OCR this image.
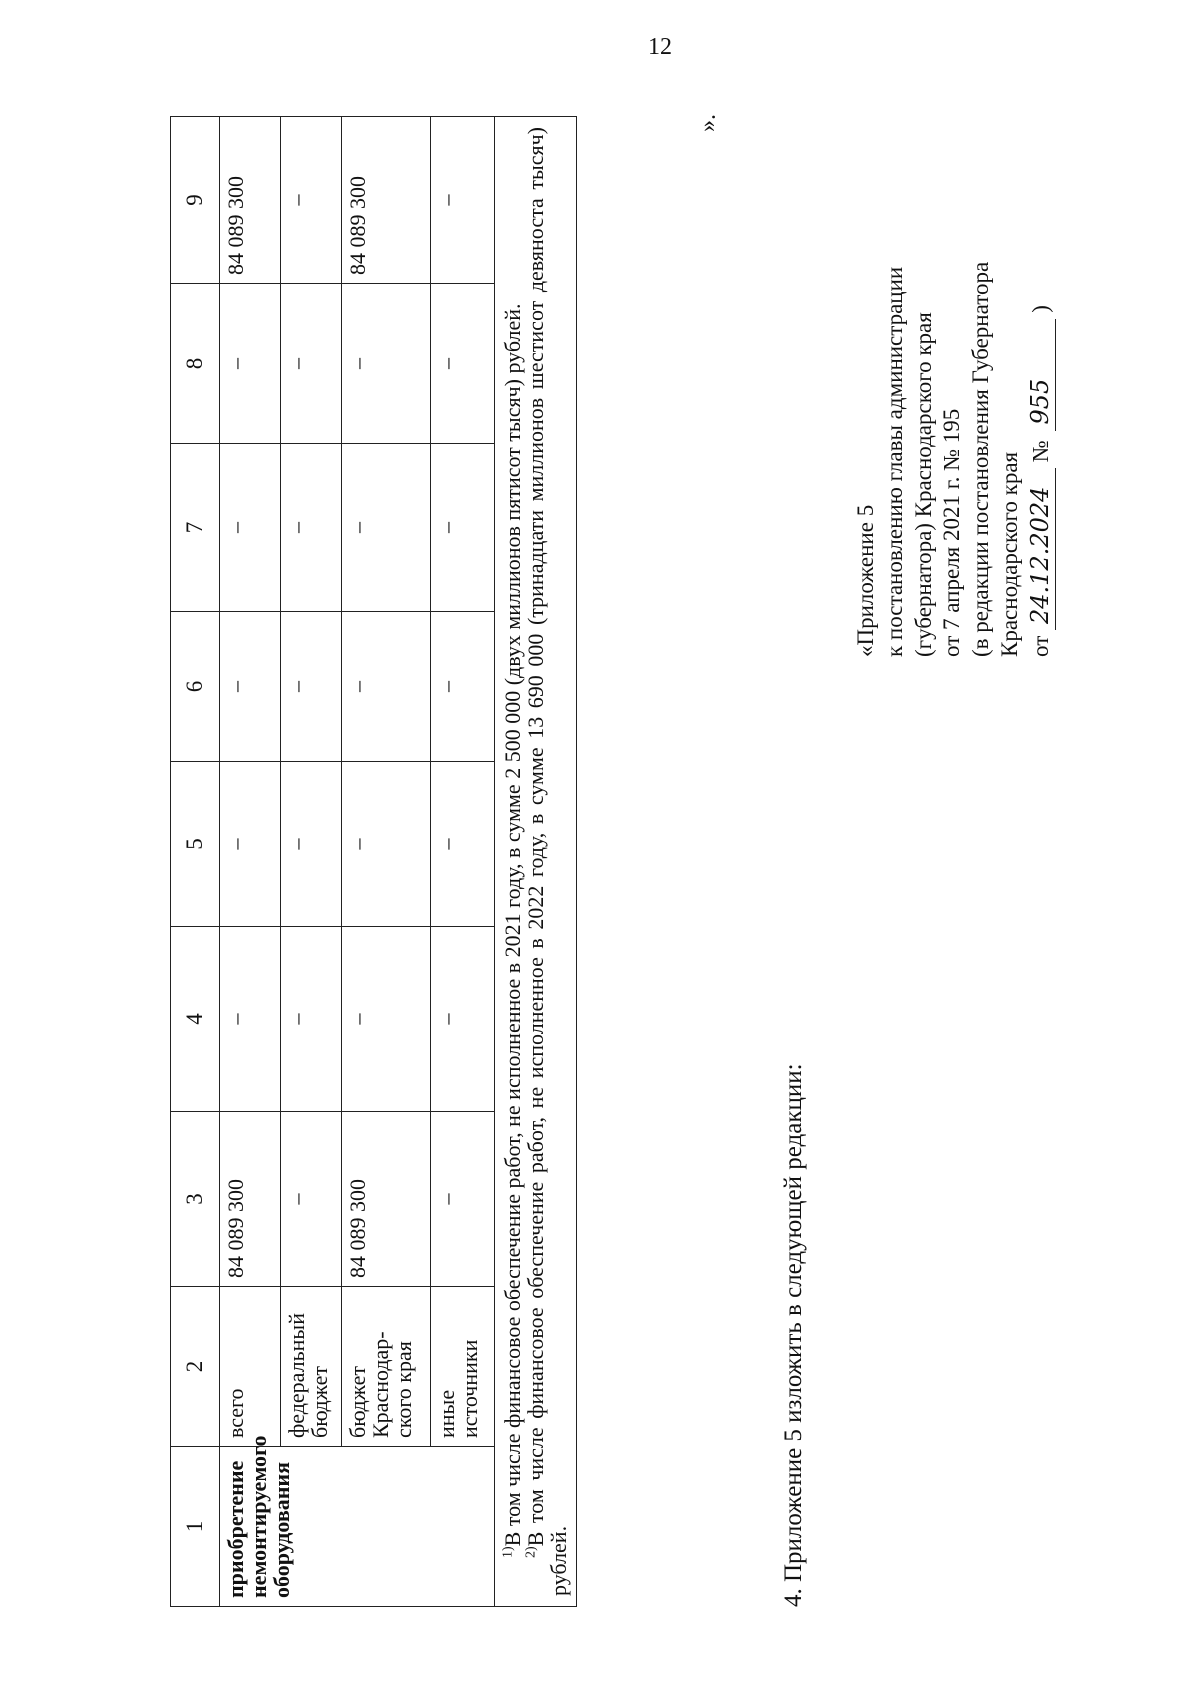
12
1	2	3	4	5	6	7	8	9
приобретение немонтируемого оборудования	всего	84 089 300	–	–	–	–	–	84 089 300
	федеральный бюджет	–	–	–	–	–	–	–
	бюджет Краснодар-ского края	84 089 300	–	–	–	–	–	84 089 300
	иные источники	–	–	–	–	–	–	–

$^{1)}$В том числе финансовое обеспечение работ, не исполненное в 2021 году, в сумме 2 500 000 (двух миллионов пятисот тысяч) рублей.

$^{2)}$В том числе финансовое обеспечение работ, не исполненное в 2022 году, в сумме 13 690 000 (тринадцати миллионов шестисот девяноста тысяч) рублей.								

».
4. Приложение 5 изложить в следующей редакции:
«Приложение 5 к постановлению главы администрации (губернатора) Краснодарского края от 7 апреля 2021 г. № 195 (в редакции постановления Губернатора Краснодарского края от 24.12.2024 № 955 )
